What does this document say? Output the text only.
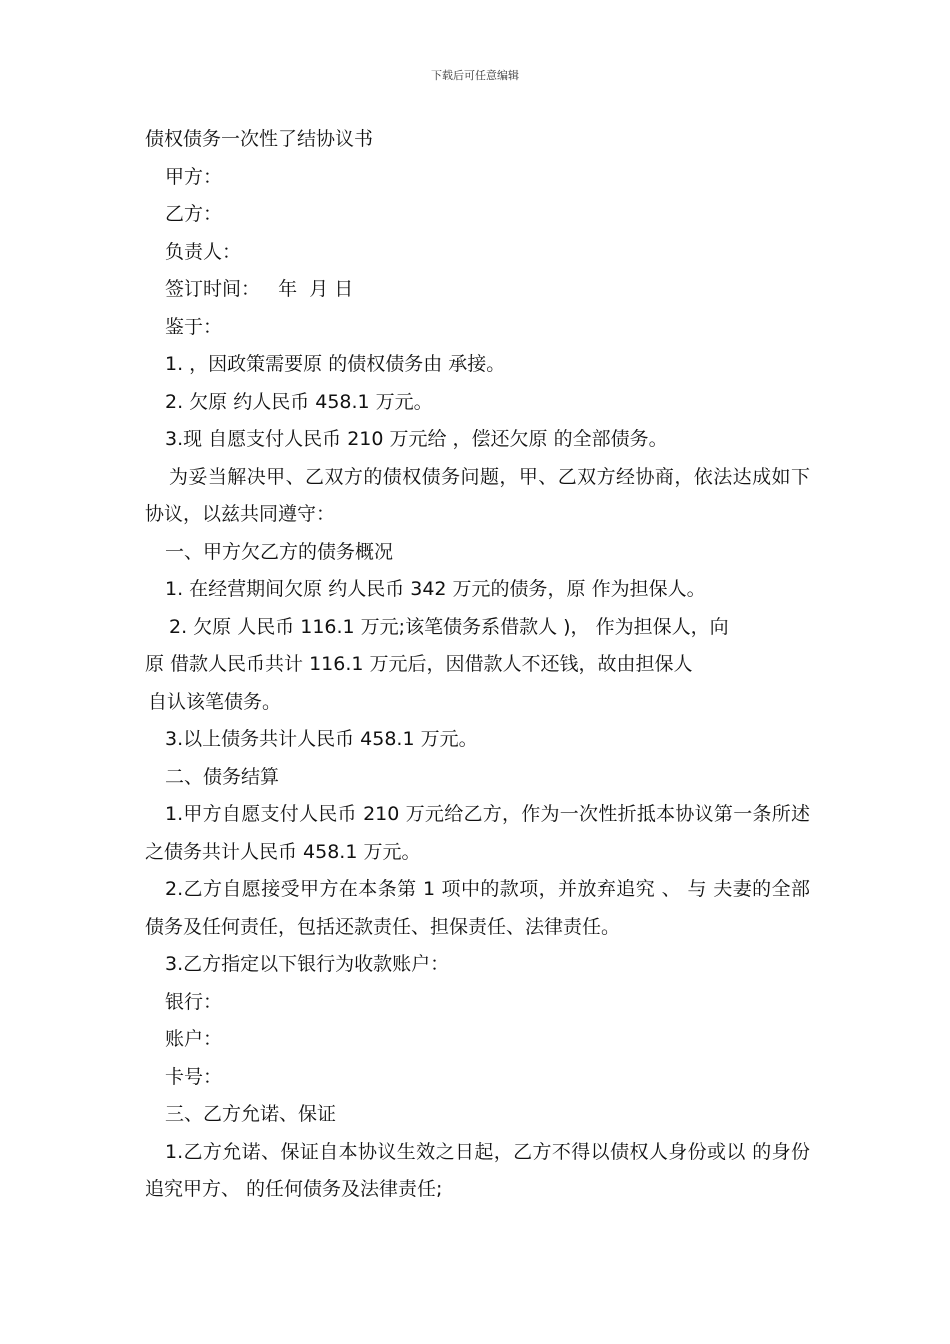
下载后可任意编辑

债权债务一次性了结协议书

甲方：

乙方：

负责人：

签订时间：   年  月 日

鉴于：

1. ，因政策需要原 的债权债务由 承接。

2. 欠原 约人民币 458.1 万元。

3.现 自愿支付人民币 210 万元给 ，偿还欠原 的全部债务。

为妥当解决甲、乙双方的债权债务问题，甲、乙双方经协商，依法达成如下协议，以兹共同遵守：

一、甲方欠乙方的债务概况

1. 在经营期间欠原 约人民币 342 万元的债务，原 作为担保人。

2. 欠原 人民币 116.1 万元;该笔债务系借款人 )， 作为担保人，向

原 借款人民币共计 116.1 万元后，因借款人不还钱，故由担保人

自认该笔债务。

3.以上债务共计人民币 458.1 万元。

二、债务结算

1.甲方自愿支付人民币 210 万元给乙方，作为一次性折抵本协议第一条所述之债务共计人民币 458.1 万元。

2.乙方自愿接受甲方在本条第 1 项中的款项，并放弃追究 、 与 夫妻的全部债务及任何责任，包括还款责任、担保责任、法律责任。

3.乙方指定以下银行为收款账户：

银行：

账户：

卡号：

三、乙方允诺、保证

1.乙方允诺、保证自本协议生效之日起，乙方不得以债权人身份或以 的身份追究甲方、 的任何债务及法律责任;
